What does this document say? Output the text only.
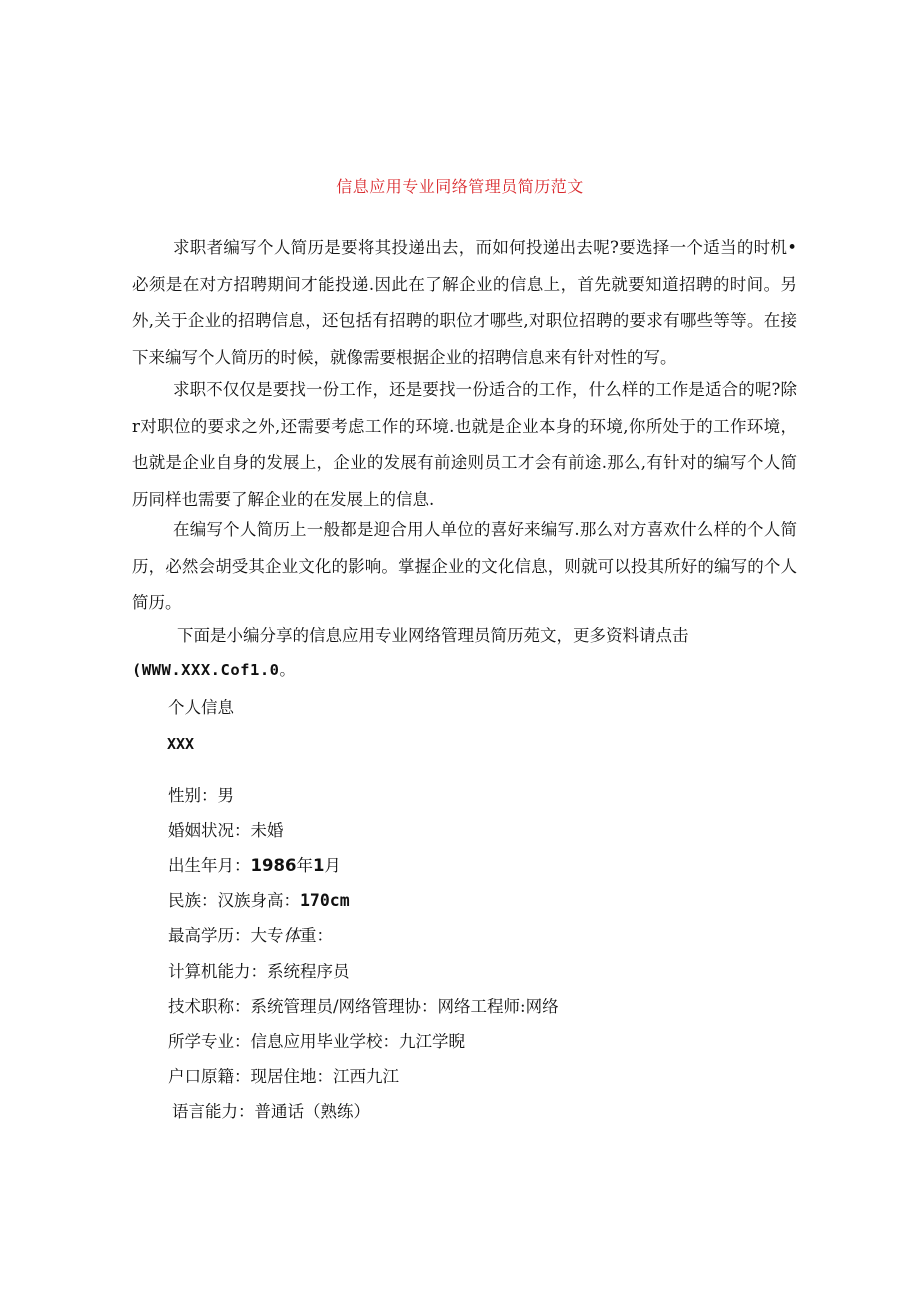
信息应用专业同络管理员简历范文

求职者编写个人简历是要将其投递出去，而如何投递出去呢?要选择一个适当的时机•必须是在对方招聘期间才能投递.因此在了解企业的信息上，首先就要知道招聘的时间。另外,关于企业的招聘信息，还包括有招聘的职位才哪些,对职位招聘的要求有哪些等等。在接下来编写个人简历的时候，就像需要根据企业的招聘信息来有针对性的写。

求职不仅仅是要找一份工作，还是要找一份适合的工作，什么样的工作是适合的呢?除r对职位的要求之外,还需要考虑工作的环境.也就是企业本身的环境,你所处于的工作环境，也就是企业自身的发展上，企业的发展有前途则员工才会有前途.那么,有针对的编写个人简历同样也需要了解企业的在发展上的信息.

在编写个人简历上一般都是迎合用人单位的喜好来编写.那么对方喜欢什么样的个人简历，必然会胡受其企业文化的影响。掌握企业的文化信息，则就可以投其所好的编写的个人简历。

下面是小编分享的信息应用专业网络管理员简历苑文，更多资料请点击

(WWW.XXX.Cof1.0。

个人信息

XXX

性别：男

婚姻状况：未婚

出生年月：1986年1月

民族：汉族身高：170cm

最高学历：大专体重：

计算机能力：系统程序员

技术职称：系统管理员/网络管理协：网络工程师:网络

所学专业：信息应用毕业学校：九江学睨

户口原籍：现居住地：江西九江

语言能力：普通话（熟练）
